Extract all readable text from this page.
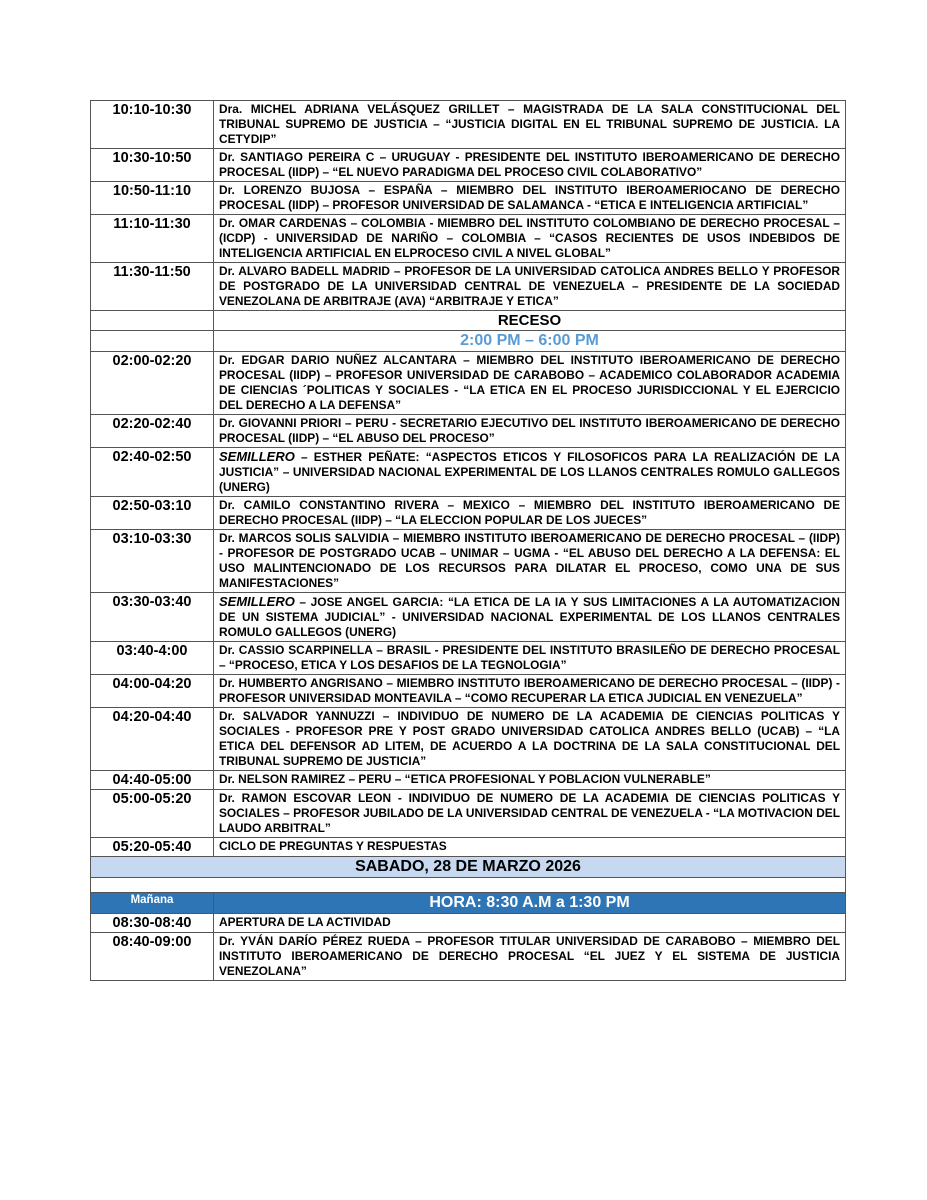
10:10-10:30	Dra. MICHEL ADRIANA VELÁSQUEZ GRILLET – MAGISTRADA DE LA SALA CONSTITUCIONAL DEL TRIBUNAL SUPREMO DE JUSTICIA – “JUSTICIA DIGITAL EN EL TRIBUNAL SUPREMO DE JUSTICIA. LA CETYDIP”
10:30-10:50	Dr. SANTIAGO PEREIRA C – URUGUAY - PRESIDENTE DEL INSTITUTO IBEROAMERICANO DE DERECHO PROCESAL (IIDP) – “EL NUEVO PARADIGMA DEL PROCESO CIVIL COLABORATIVO”
10:50-11:10	Dr. LORENZO BUJOSA – ESPAÑA – MIEMBRO DEL INSTITUTO IBEROAMERIOCANO DE DERECHO PROCESAL (IIDP) – PROFESOR UNIVERSIDAD DE SALAMANCA - “ETICA E INTELIGENCIA ARTIFICIAL”
11:10-11:30	Dr. OMAR CARDENAS – COLOMBIA - MIEMBRO DEL INSTITUTO COLOMBIANO DE DERECHO PROCESAL – (ICDP) - UNIVERSIDAD DE NARIÑO – COLOMBIA – “CASOS RECIENTES DE USOS INDEBIDOS DE INTELIGENCIA ARTIFICIAL EN ELPROCESO CIVIL A NIVEL GLOBAL”
11:30-11:50	Dr. ALVARO BADELL MADRID – PROFESOR DE LA UNIVERSIDAD CATOLICA ANDRES BELLO Y PROFESOR DE POSTGRADO DE LA UNIVERSIDAD CENTRAL DE VENEZUELA – PRESIDENTE DE LA SOCIEDAD VENEZOLANA DE ARBITRAJE (AVA) “ARBITRAJE Y ETICA”
	RECESO
	2:00 PM – 6:00 PM
02:00-02:20	Dr. EDGAR DARIO NUÑEZ ALCANTARA – MIEMBRO DEL INSTITUTO IBEROAMERICANO DE DERECHO PROCESAL (IIDP) – PROFESOR UNIVERSIDAD DE CARABOBO – ACADEMICO COLABORADOR ACADEMIA DE CIENCIAS ´POLITICAS Y SOCIALES - “LA ETICA EN EL PROCESO JURISDICCIONAL Y EL EJERCICIO DEL DERECHO A LA DEFENSA”
02:20-02:40	Dr. GIOVANNI PRIORI – PERU - SECRETARIO EJECUTIVO DEL INSTITUTO IBEROAMERICANO DE DERECHO PROCESAL (IIDP) – “EL ABUSO DEL PROCESO”
02:40-02:50	SEMILLERO – ESTHER PEÑATE: “ASPECTOS ETICOS Y FILOSOFICOS PARA LA REALIZACIÓN DE LA JUSTICIA” – UNIVERSIDAD NACIONAL EXPERIMENTAL DE LOS LLANOS CENTRALES ROMULO GALLEGOS (UNERG)
02:50-03:10	Dr. CAMILO CONSTANTINO RIVERA – MEXICO – MIEMBRO DEL INSTITUTO IBEROAMERICANO DE DERECHO PROCESAL (IIDP) – “LA ELECCION POPULAR DE LOS JUECES”
03:10-03:30	Dr. MARCOS SOLIS SALVIDIA – MIEMBRO INSTITUTO IBEROAMERICANO DE DERECHO PROCESAL – (IIDP) - PROFESOR DE POSTGRADO UCAB – UNIMAR – UGMA - “EL ABUSO DEL DERECHO A LA DEFENSA: EL USO MALINTENCIONADO DE LOS RECURSOS PARA DILATAR EL PROCESO, COMO UNA DE SUS MANIFESTACIONES”
03:30-03:40	SEMILLERO – JOSE ANGEL GARCIA: “LA ETICA DE LA IA Y SUS LIMITACIONES A LA AUTOMATIZACION DE UN SISTEMA JUDICIAL” - UNIVERSIDAD NACIONAL EXPERIMENTAL DE LOS LLANOS CENTRALES ROMULO GALLEGOS (UNERG)
03:40-4:00	Dr. CASSIO SCARPINELLA – BRASIL - PRESIDENTE DEL INSTITUTO BRASILEÑO DE DERECHO PROCESAL – “PROCESO, ETICA Y LOS DESAFIOS DE LA TEGNOLOGIA”
04:00-04:20	Dr. HUMBERTO ANGRISANO – MIEMBRO INSTITUTO IBEROAMERICANO DE DERECHO PROCESAL – (IIDP) - PROFESOR UNIVERSIDAD MONTEAVILA – “COMO RECUPERAR LA ETICA JUDICIAL EN VENEZUELA”
04:20-04:40	Dr. SALVADOR YANNUZZI – INDIVIDUO DE NUMERO DE LA ACADEMIA DE CIENCIAS POLITICAS Y SOCIALES - PROFESOR PRE Y POST GRADO UNIVERSIDAD CATOLICA ANDRES BELLO (UCAB) – “LA ETICA DEL DEFENSOR AD LITEM, DE ACUERDO A LA DOCTRINA DE LA SALA CONSTITUCIONAL DEL TRIBUNAL SUPREMO DE JUSTICIA”
04:40-05:00	Dr. NELSON RAMIREZ – PERU – “ETICA PROFESIONAL Y POBLACION VULNERABLE”
05:00-05:20	Dr. RAMON ESCOVAR LEON - INDIVIDUO DE NUMERO DE LA ACADEMIA DE CIENCIAS POLITICAS Y SOCIALES – PROFESOR JUBILADO DE LA UNIVERSIDAD CENTRAL DE VENEZUELA - “LA MOTIVACION DEL LAUDO ARBITRAL”
05:20-05:40	CICLO DE PREGUNTAS Y RESPUESTAS
SABADO, 28 DE MARZO 2026	

Mañana	HORA: 8:30 A.M a 1:30 PM
08:30-08:40	APERTURA DE LA ACTIVIDAD
08:40-09:00	Dr. YVÁN DARÍO PÉREZ RUEDA – PROFESOR TITULAR UNIVERSIDAD DE CARABOBO – MIEMBRO DEL INSTITUTO IBEROAMERICANO DE DERECHO PROCESAL “EL JUEZ Y EL SISTEMA DE JUSTICIA VENEZOLANA”
